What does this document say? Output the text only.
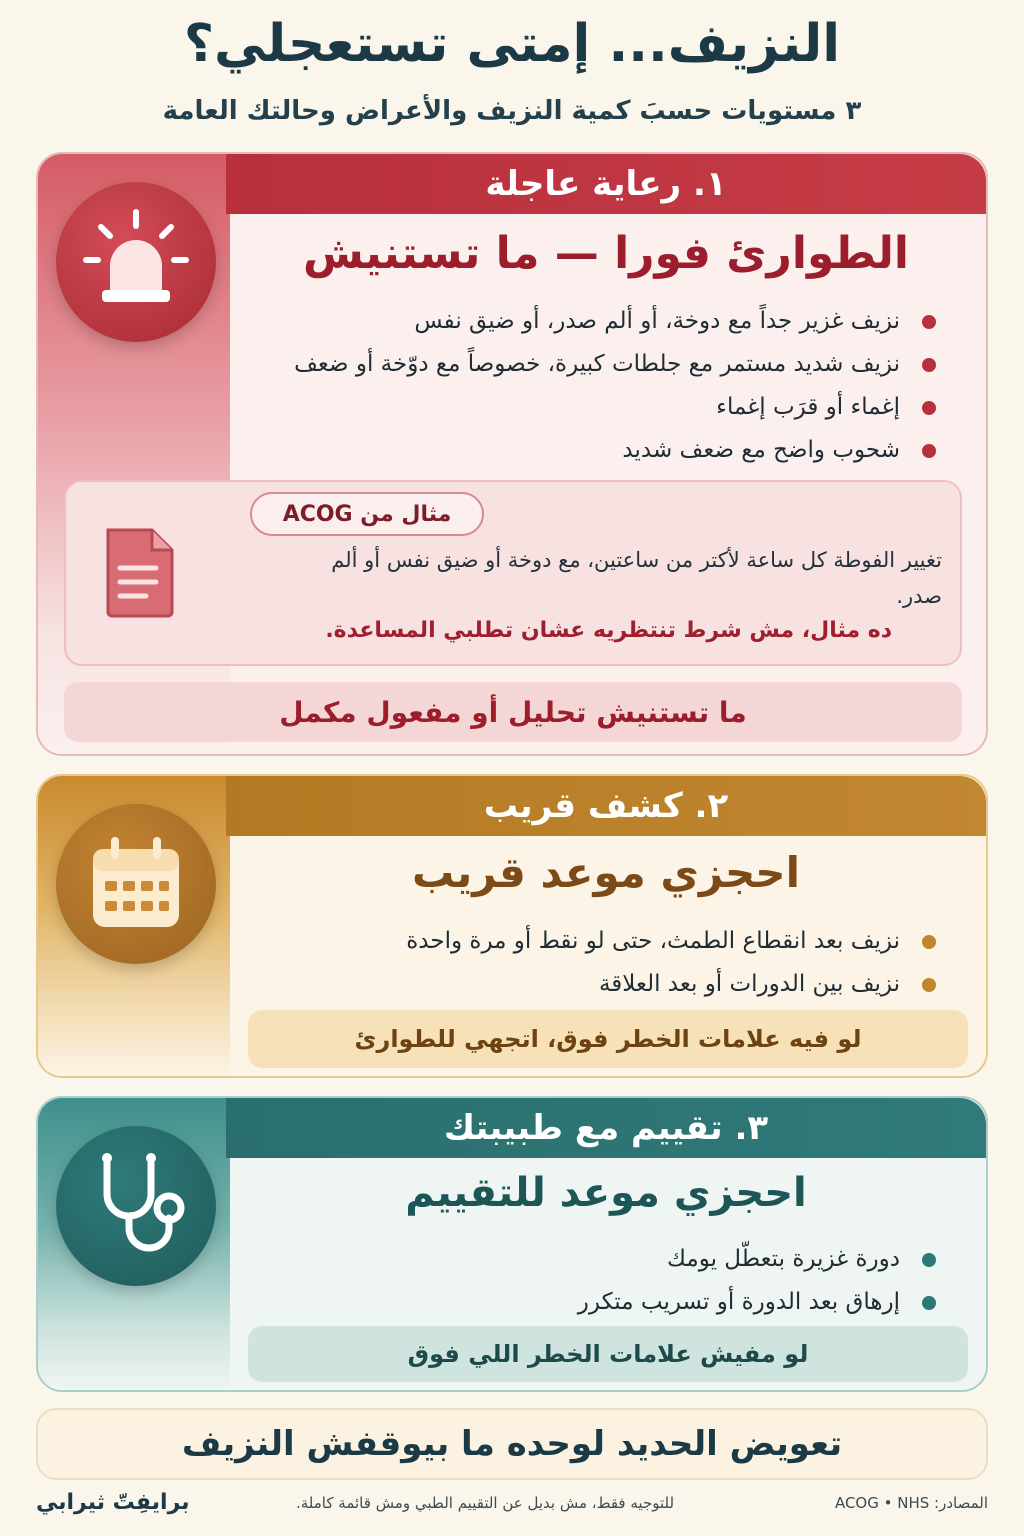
النزيف... إمتى تستعجلي؟
٣ مستويات حسبَ كمية النزيف والأعراض وحالتك العامة
١. رعاية عاجلة
الطوارئ فورا — ما تستنيش
نزيف غزير جداً مع دوخة، أو ألم صدر، أو ضيق نفس
نزيف شديد مستمر مع جلطات كبيرة، خصوصاً مع دوّخة أو ضعف
إغماء أو قرَب إغماء
شحوب واضح مع ضعف شديد
مثال من ACOG
تغيير الفوطة كل ساعة لأكتر من ساعتين، مع دوخة أو ضيق نفس أو ألم صدر.
ده مثال، مش شرط تنتظريه عشان تطلبي المساعدة.
ما تستنيش تحليل أو مفعول مكمل
٢. كشف قريب
احجزي موعد قريب
نزيف بعد انقطاع الطمث، حتى لو نقط أو مرة واحدة
نزيف بين الدورات أو بعد العلاقة
لو فيه علامات الخطر فوق، اتجهي للطوارئ
٣. تقييم مع طبيبتك
احجزي موعد للتقييم
دورة غزيرة بتعطّل يومك
إرهاق بعد الدورة أو تسريب متكرر
لو مفيش علامات الخطر اللي فوق
تعويض الحديد لوحده ما بيوقفش النزيف
برايفِتّ ثيرابي	للتوجيه فقط، مش بديل عن التقييم الطبي ومش قائمة كاملة.	المصادر: ACOG • NHS
